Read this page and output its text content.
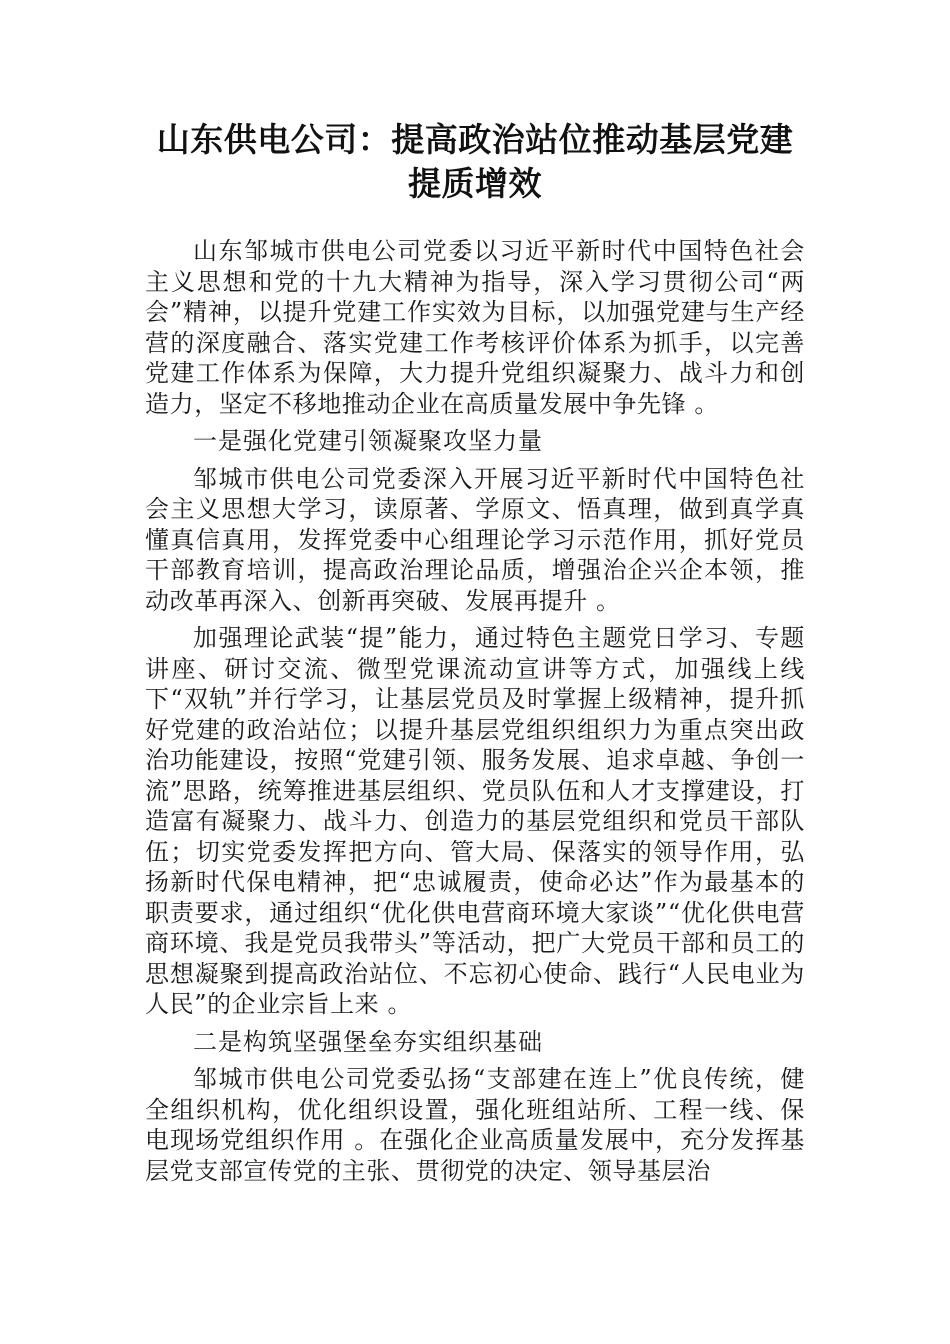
山东供电公司：提高政治站位推动基层党建
提质增效

山东邹城市供电公司党委以习近平新时代中国特色社会主义思想和党的十九大精神为指导，深入学习贯彻公司“两会”精神，以提升党建工作实效为目标，以加强党建与生产经营的深度融合、落实党建工作考核评价体系为抓手，以完善党建工作体系为保障，大力提升党组织凝聚力、战斗力和创造力，坚定不移地推动企业在高质量发展中争先锋 。

一是强化党建引领凝聚攻坚力量

邹城市供电公司党委深入开展习近平新时代中国特色社会主义思想大学习，读原著、学原文、悟真理，做到真学真懂真信真用，发挥党委中心组理论学习示范作用，抓好党员干部教育培训，提高政治理论品质，增强治企兴企本领，推动改革再深入、创新再突破、发展再提升 。

加强理论武装“提”能力，通过特色主题党日学习、专题讲座、研讨交流、微型党课流动宣讲等方式，加强线上线下“双轨”并行学习，让基层党员及时掌握上级精神，提升抓好党建的政治站位；以提升基层党组织组织力为重点突出政治功能建设，按照“党建引领、服务发展、追求卓越、争创一流”思路，统筹推进基层组织、党员队伍和人才支撑建设，打造富有凝聚力、战斗力、创造力的基层党组织和党员干部队伍；切实党委发挥把方向、管大局、保落实的领导作用，弘扬新时代保电精神，把“忠诚履责，使命必达”作为最基本的职责要求，通过组织“优化供电营商环境大家谈”“优化供电营商环境、我是党员我带头”等活动，把广大党员干部和员工的思想凝聚到提高政治站位、不忘初心使命、践行“人民电业为人民”的企业宗旨上来 。

二是构筑坚强堡垒夯实组织基础

邹城市供电公司党委弘扬“支部建在连上”优良传统，健全组织机构，优化组织设置，强化班组站所、工程一线、保电现场党组织作用 。在强化企业高质量发展中，充分发挥基层党支部宣传党的主张、贯彻党的决定、领导基层治
